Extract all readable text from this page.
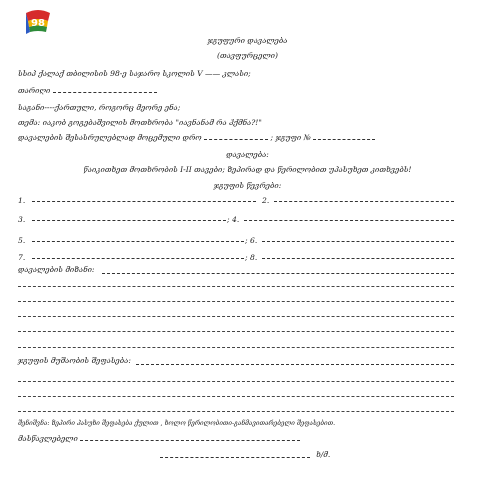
98
ჯგუფური დავალება
(თავფურცელი)
სსიპ ქალაქ თბილისის 98-ე საჯარო სკოლის V —— კლასი;
თარიღი
საგანი----ქართული, როგორც მეორე ენა;
თემა: იაკობ გოგებაშვილის მოთხრობა "იავნანამ რა ჰქმნა?!"
დავალების შესასრულებლად მოცემული დრო	; ჯგუფი №
დავალება:
წაიკითხეთ მოთხრობის I-II თავები; ზეპირად და წერილობით უპასუხეთ კითხვებს!
ჯგუფის წევრები:
1.	2.
3.	; 4.
5.	; 6.
7.	; 8.
დავალების მიზანი:
ჯგუფის მუშაობის შეფასება:
შენიშვნა: ზეპირი პასუხი შეფასება ქულით , ხოლო წერილობითი-განმავითარებელი შეფასებით.
მასწავლებელი
ხ/მ.
